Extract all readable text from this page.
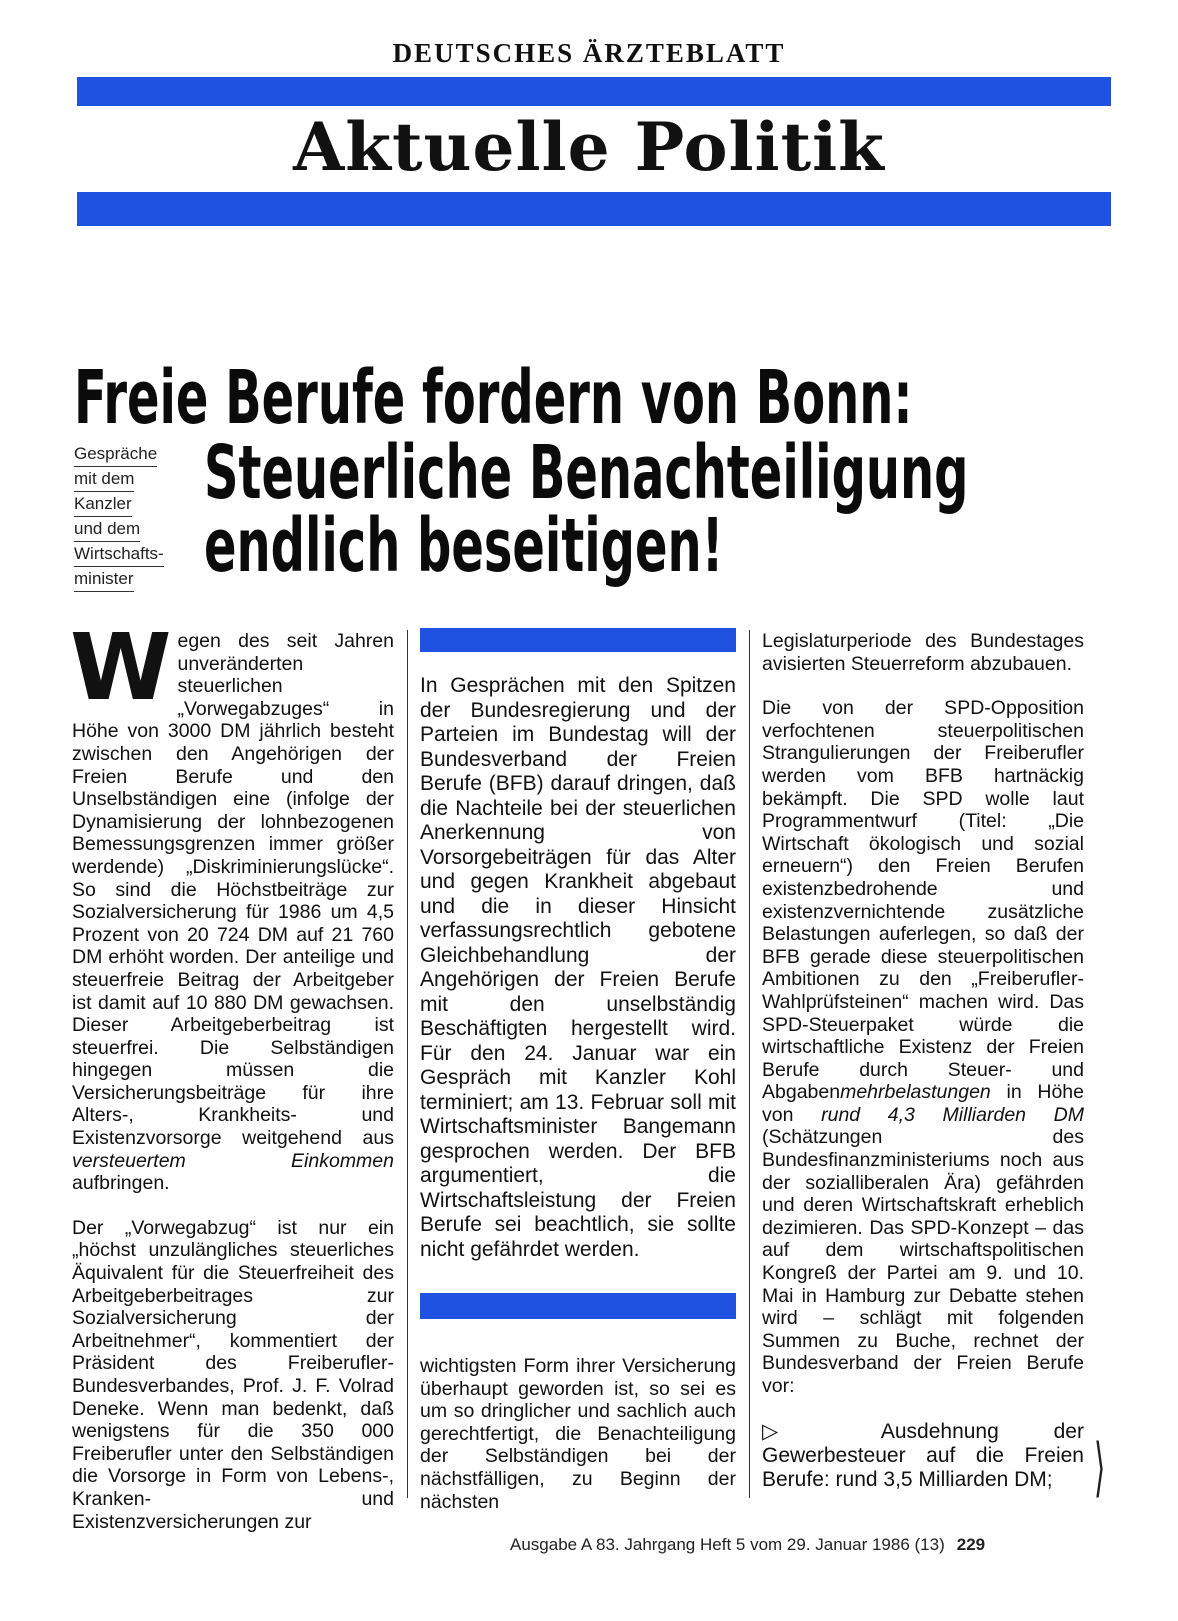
DEUTSCHES ÄRZTEBLATT
Aktuelle Politik
Freie Berufe fordern von Bonn:
Gespräche
mit dem
Kanzler
und dem
Wirtschafts-
minister
Steuerliche Benachteiligung
endlich beseitigen!

Wegen des seit Jahren unveränderten steuerlichen „Vorwegabzuges“ in Höhe von 3000 DM jährlich besteht zwischen den Angehörigen der Freien Berufe und den Unselbständigen eine (infolge der Dynamisierung der lohnbezogenen Bemessungsgrenzen immer größer werdende) „Diskriminierungslücke“. So sind die Höchstbeiträge zur Sozialversicherung für 1986 um 4,5 Prozent von 20 724 DM auf 21 760 DM erhöht worden. Der anteilige und steuerfreie Beitrag der Arbeitgeber ist damit auf 10 880 DM gewachsen. Dieser Arbeitgeberbeitrag ist steuerfrei. Die Selbständigen hingegen müssen die Versicherungsbeiträge für ihre Alters-, Krankheits- und Existenzvorsorge weitgehend aus versteuertem Einkommen aufbringen.

Der „Vorwegabzug“ ist nur ein „höchst unzulängliches steuerliches Äquivalent für die Steuerfreiheit des Arbeitgeberbeitrages zur Sozialversicherung der Arbeitnehmer“, kommentiert der Präsident des Freiberufler-Bundesverbandes, Prof. J. F. Volrad Deneke. Wenn man bedenkt, daß wenigstens für die 350 000 Freiberufler unter den Selbständigen die Vorsorge in Form von Lebens-, Kranken- und Existenzversicherungen zur

In Gesprächen mit den Spitzen der Bundesregierung und der Parteien im Bundestag will der Bundesverband der Freien Berufe (BFB) darauf dringen, daß die Nachteile bei der steuerlichen Anerkennung von Vorsorgebeiträgen für das Alter und gegen Krankheit abgebaut und die in dieser Hinsicht verfassungsrechtlich gebotene Gleichbehandlung der Angehörigen der Freien Berufe mit den unselbständig Beschäftigten hergestellt wird. Für den 24. Januar war ein Gespräch mit Kanzler Kohl terminiert; am 13. Februar soll mit Wirtschaftsminister Bangemann gesprochen werden. Der BFB argumentiert, die Wirtschaftsleistung der Freien Berufe sei beachtlich, sie sollte nicht gefährdet werden.
wichtigsten Form ihrer Versicherung überhaupt geworden ist, so sei es um so dringlicher und sachlich auch gerechtfertigt, die Benachteiligung der Selbständigen bei der nächstfälligen, zu Beginn der nächsten

Legislaturperiode des Bundestages avisierten Steuerreform abzubauen.

Die von der SPD-Opposition verfochtenen steuerpolitischen Strangulierungen der Freiberufler werden vom BFB hartnäckig bekämpft. Die SPD wolle laut Programmentwurf (Titel: „Die Wirtschaft ökologisch und sozial erneuern“) den Freien Berufen existenzbedrohende und existenzvernichtende zusätzliche Belastungen auferlegen, so daß der BFB gerade diese steuerpolitischen Ambitionen zu den „Freiberufler-Wahlprüfsteinen“ machen wird. Das SPD-Steuerpaket würde die wirtschaftliche Existenz der Freien Berufe durch Steuer- und Abgabenmehrbelastungen in Höhe von rund 4,3 Milliarden DM (Schätzungen des Bundesfinanzministeriums noch aus der sozialliberalen Ära) gefährden und deren Wirtschaftskraft erheblich dezimieren. Das SPD-Konzept – das auf dem wirtschaftspolitischen Kongreß der Partei am 9. und 10. Mai in Hamburg zur Debatte stehen wird – schlägt mit folgenden Summen zu Buche, rechnet der Bundesverband der Freien Berufe vor:

▷	Ausdehnung der Gewerbesteuer auf die Freien Berufe: rund 3,5 Milliarden DM; ⟩
Ausgabe A 83. Jahrgang Heft 5 vom 29. Januar 1986 (13) 229
